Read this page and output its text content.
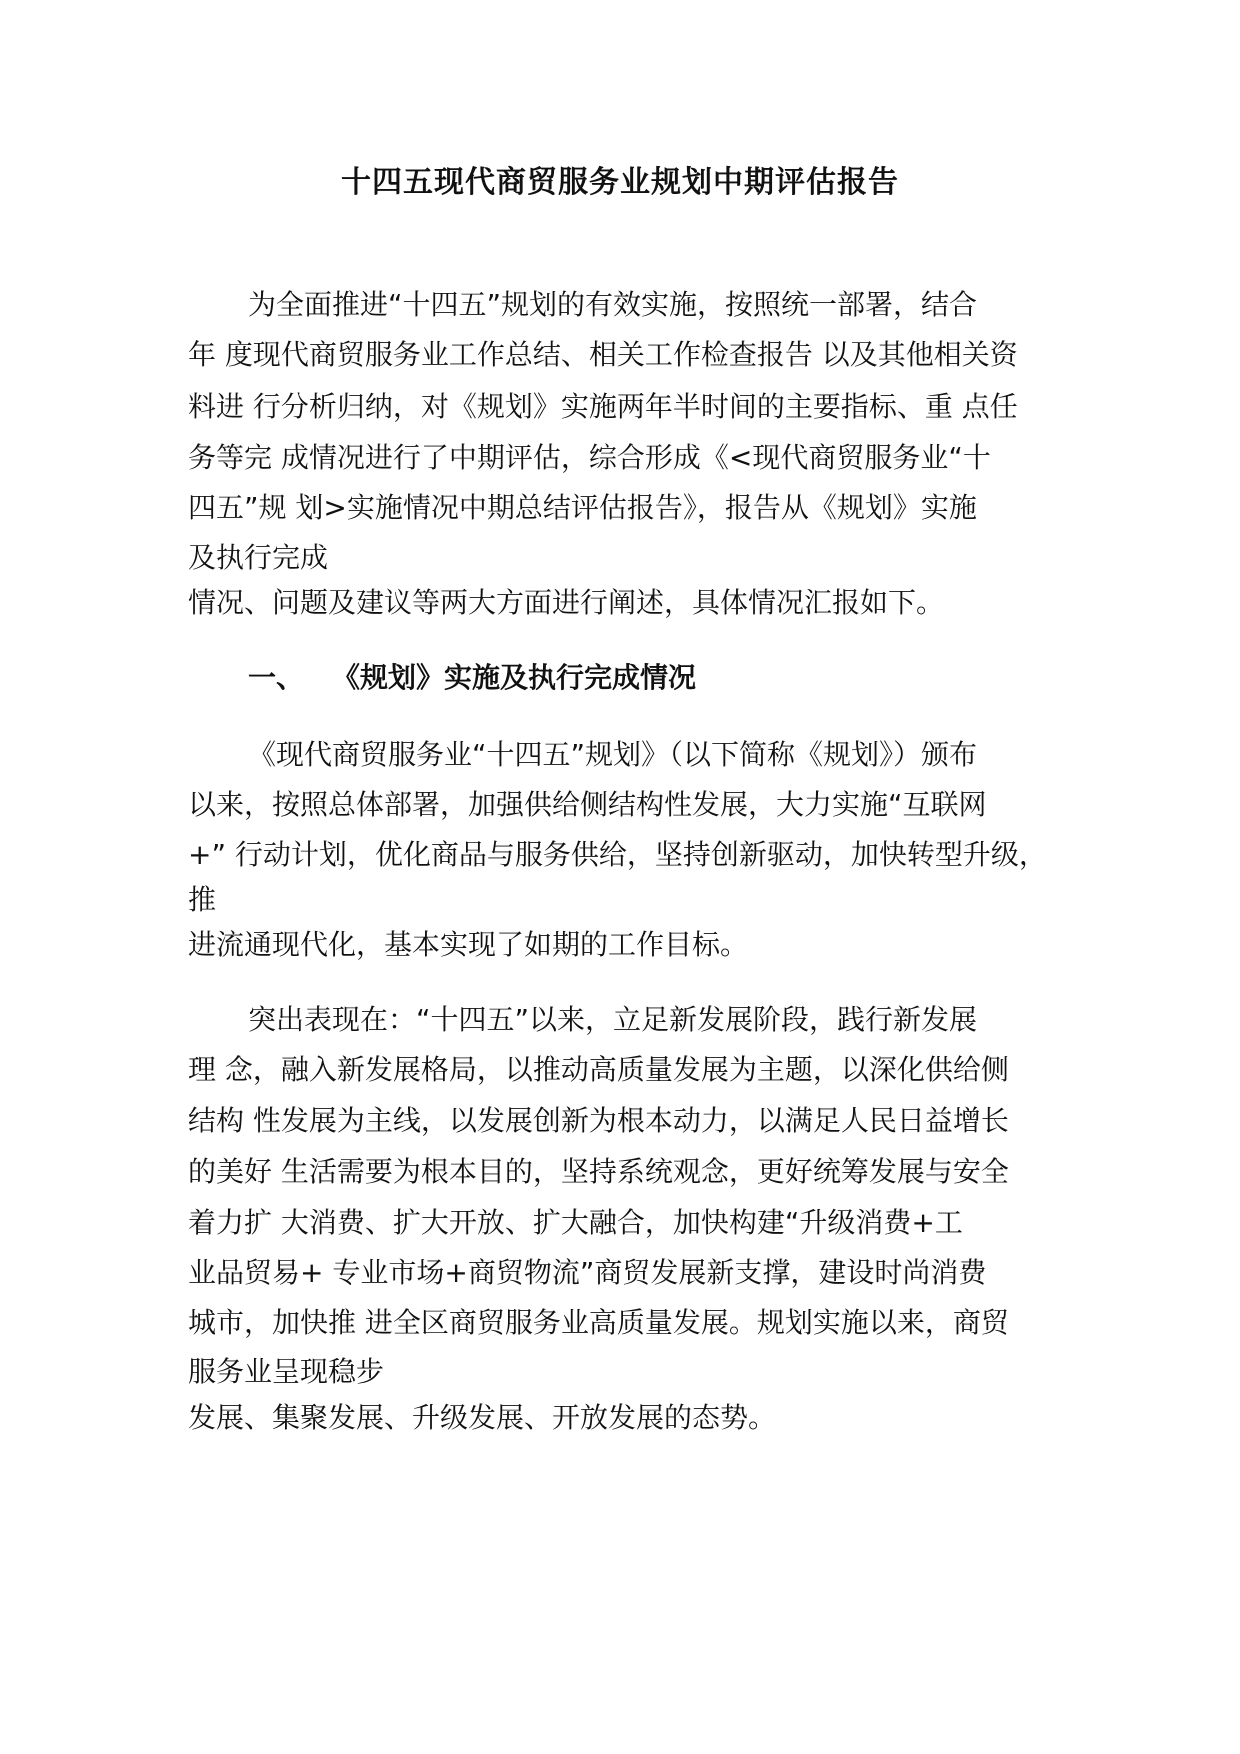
十四五现代商贸服务业规划中期评估报告
为全面推进“十四五”规划的有效实施，按照统一部署，结合
年 度现代商贸服务业工作总结、相关工作检查报告 以及其他相关资
料进 行分析归纳，对《规划》实施两年半时间的主要指标、重 点任
务等完 成情况进行了中期评估，综合形成《<现代商贸服务业“十
四五”规 划>实施情况中期总结评估报告》，报告从《规划》实施
及执行完成
情况、问题及建议等两大方面进行阐述，具体情况汇报如下。
一、 《规划》实施及执行完成情况
《现代商贸服务业“十四五”规划》（以下简称《规划》）颁布
以来，按照总体部署，加强供给侧结构性发展，大力实施“互联网
+” 行动计划，优化商品与服务供给，坚持创新驱动，加快转型升级，
推
进流通现代化，基本实现了如期的工作目标。
突出表现在：“十四五”以来，立足新发展阶段，践行新发展
理 念，融入新发展格局，以推动高质量发展为主题，以深化供给侧
结构 性发展为主线，以发展创新为根本动力，以满足人民日益增长
的美好 生活需要为根本目的，坚持系统观念，更好统筹发展与安全
着力扩 大消费、扩大开放、扩大融合，加快构建“升级消费+工
业品贸易+ 专业市场+商贸物流”商贸发展新支撑，建设时尚消费
城市，加快推 进全区商贸服务业高质量发展。规划实施以来，商贸
服务业呈现稳步
发展、集聚发展、升级发展、开放发展的态势。
